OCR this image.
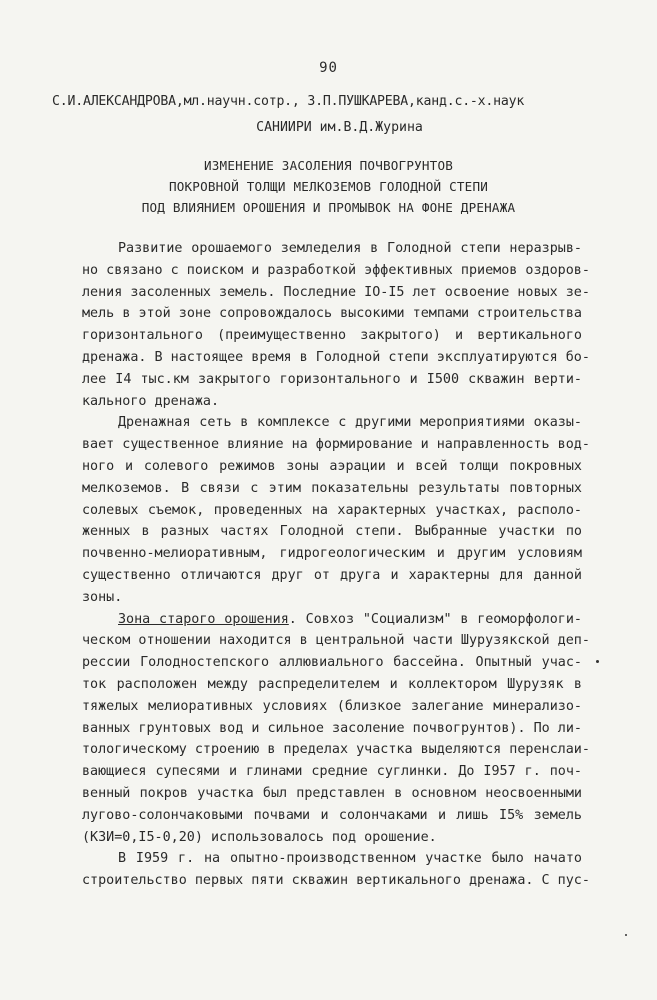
90
С.И.АЛЕКСАНДРОВА,мл.научн.сотр., З.П.ПУШКАРЕВА,канд.с.-х.наук
САНИИРИ им.В.Д.Журина
ИЗМЕНЕНИЕ ЗАСОЛЕНИЯ ПОЧВОГРУНТОВ
ПОКРОВНОЙ ТОЛЩИ МЕЛКОЗЕМОВ ГОЛОДНОЙ СТЕПИ
ПОД ВЛИЯНИЕМ ОРОШЕНИЯ И ПРОМЫВОК НА ФОНЕ ДРЕНАЖА
Развитие орошаемого земледелия в Голодной степи неразрыв-
но связано с поиском и разработкой эффективных приемов оздоров-
ления засоленных земель. Последние IO-I5 лет освоение новых зе-
мель в этой зоне сопровождалось высокими темпами строительства
горизонтального (преимущественно закрытого) и вертикального
дренажа. В настоящее время в Голодной степи эксплуатируются бо-
лее I4 тыс.км закрытого горизонтального и I500 скважин верти-
кального дренажа.
Дренажная сеть в комплексе с другими мероприятиями оказы-
вает существенное влияние на формирование и направленность вод-
ного и солевого режимов зоны аэрации и всей толщи покровных
мелкоземов. В связи с этим показательны результаты повторных
солевых съемок, проведенных на характерных участках, располо-
женных в разных частях Голодной степи. Выбранные участки по
почвенно-мелиоративным, гидрогеологическим и другим условиям
существенно отличаются друг от друга и характерны для данной
зоны.
Зона старого орошения. Совхоз "Социализм" в геоморфологи-
ческом отношении находится в центральной части Шурузякской деп-
рессии Голодностепского аллювиального бассейна. Опытный учас-
ток расположен между распределителем и коллектором Шурузяк в
тяжелых мелиоративных условиях (близкое залегание минерализо-
ванных грунтовых вод и сильное засоление почвогрунтов). По ли-
тологическому строению в пределах участка выделяются перенслаи-
вающиеся супесями и глинами средние суглинки. До I957 г. поч-
венный покров участка был представлен в основном неосвоенными
лугово-солончаковыми почвами и солончаками и лишь I5% земель
(КЗИ=0,I5-0,20) использовалось под орошение.
В I959 г. на опытно-производственном участке было начато
строительство первых пяти скважин вертикального дренажа. С пус-
